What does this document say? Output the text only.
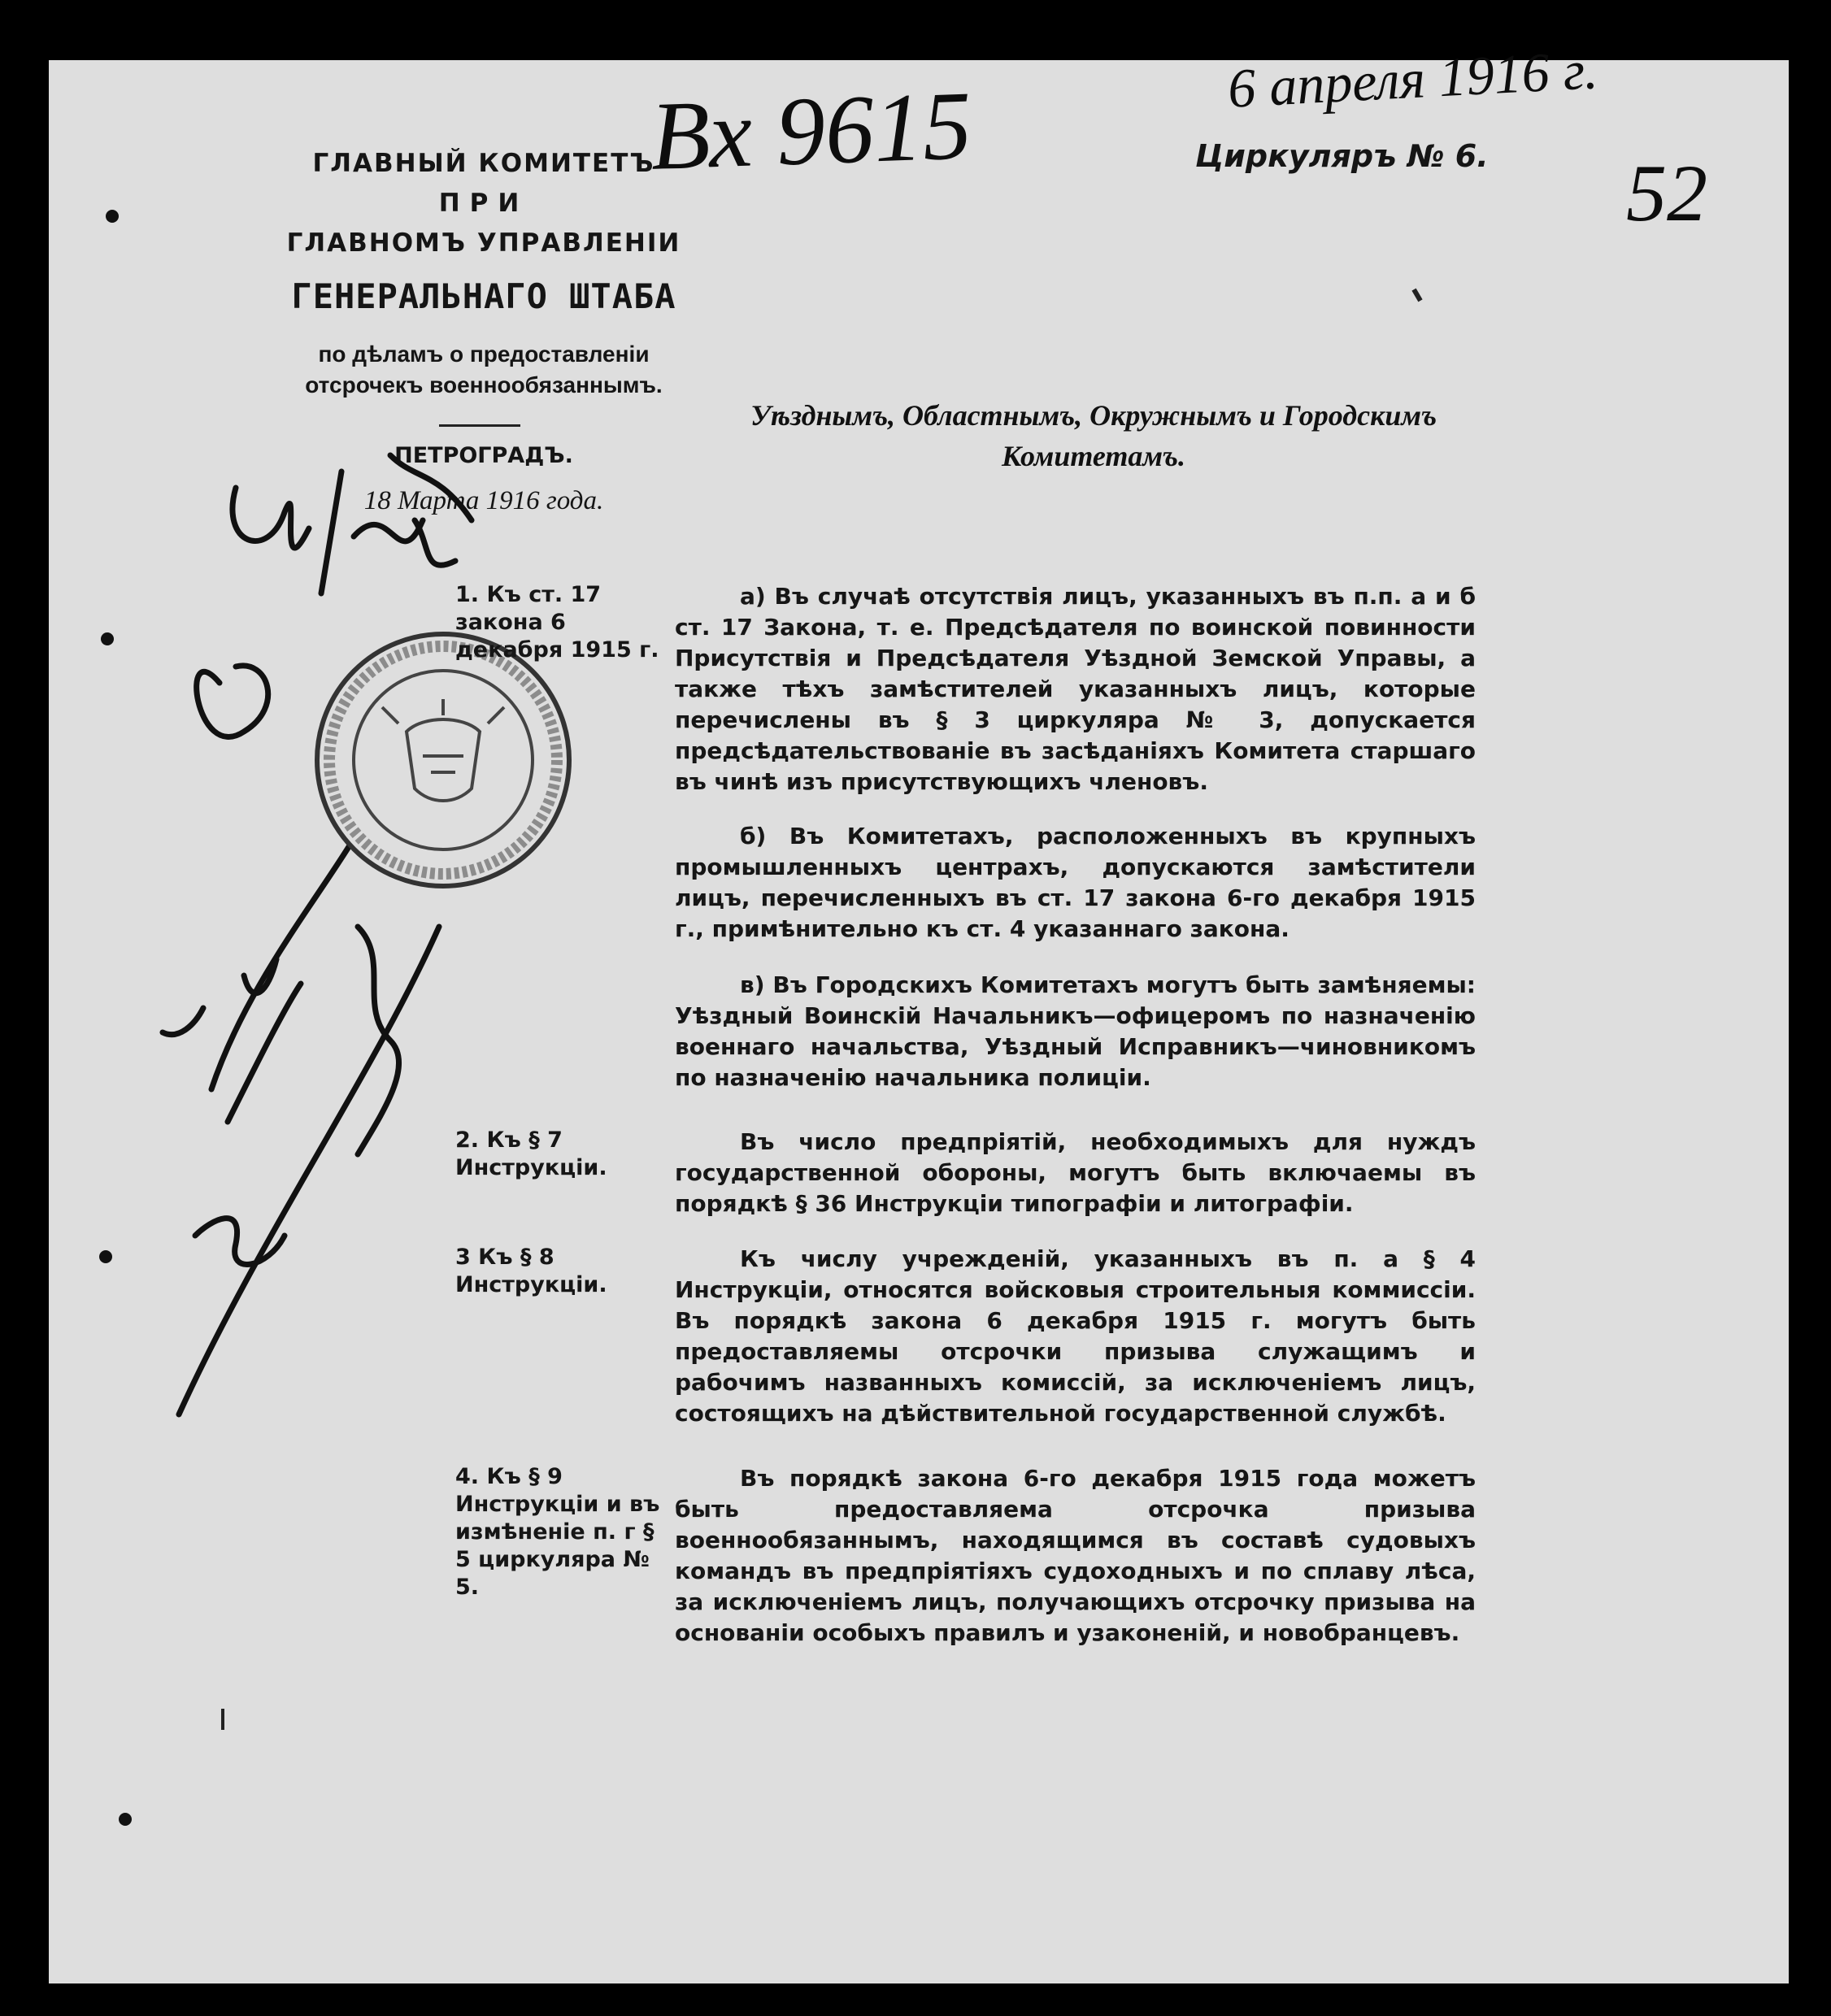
ГЛАВНЫЙ КОМИТЕТЪ
ПРИ
ГЛАВНОМЪ УПРАВЛЕНІИ
ГЕНЕРАЛЬНАГО ШТАБА
по дѣламъ о предоставленіи
отсрочекъ военнообязаннымъ.
ПЕТРОГРАДЪ.
18 Марта 1916 года.
Циркуляръ № 6.
Уѣзднымъ, Областнымъ, Окружнымъ и Городскимъ
Комитетамъ.
Вх 9615	6 апреля 1916 г.
52
1. Къ ст. 17 закона 6 декабря 1915 г.
а) Въ случаѣ отсутствія лицъ, указанныхъ въ п.п. а и б ст. 17 Закона, т. е. Предсѣдателя по воинской повинности Присутствія и Предсѣдателя Уѣздной Земской Управы, а также тѣхъ замѣстителей указанныхъ лицъ, которые перечислены въ § 3 циркуляра № 3, допускается предсѣдательствованіе въ засѣданіяхъ Комитета старшаго въ чинѣ изъ присутствующихъ членовъ.
б) Въ Комитетахъ, расположенныхъ въ крупныхъ промышленныхъ центрахъ, допускаются замѣстители лицъ, перечисленныхъ въ ст. 17 закона 6-го декабря 1915 г., примѣнительно къ ст. 4 указаннаго закона.
в) Въ Городскихъ Комитетахъ могутъ быть замѣняемы: Уѣздный Воинскій Начальникъ—офицеромъ по назначенію военнаго начальства, Уѣздный Исправникъ—чиновникомъ по назначенію начальника полиціи.
2. Къ § 7 Инструкціи.
Въ число предпріятій, необходимыхъ для нуждъ государственной обороны, могутъ быть включаемы въ порядкѣ § 36 Инструкціи типографіи и литографіи.
3 Къ § 8 Инструкціи.
Къ числу учрежденій, указанныхъ въ п. а § 4 Инструкціи, относятся войсковыя строительныя коммиссіи. Въ порядкѣ закона 6 декабря 1915 г. могутъ быть предоставляемы отсрочки призыва служащимъ и рабочимъ названныхъ комиссій, за исключеніемъ лицъ, состоящихъ на дѣйствительной государственной службѣ.
4. Къ § 9 Инструкціи и въ измѣненіе п. г § 5 циркуляра № 5.
Въ порядкѣ закона 6-го декабря 1915 года можетъ быть предоставляема отсрочка призыва военнообязаннымъ, находящимся въ составѣ судовыхъ командъ въ предпріятіяхъ судоходныхъ и по сплаву лѣса, за исключеніемъ лицъ, получающихъ отсрочку призыва на основаніи особыхъ правилъ и узаконеній, и новобранцевъ.
